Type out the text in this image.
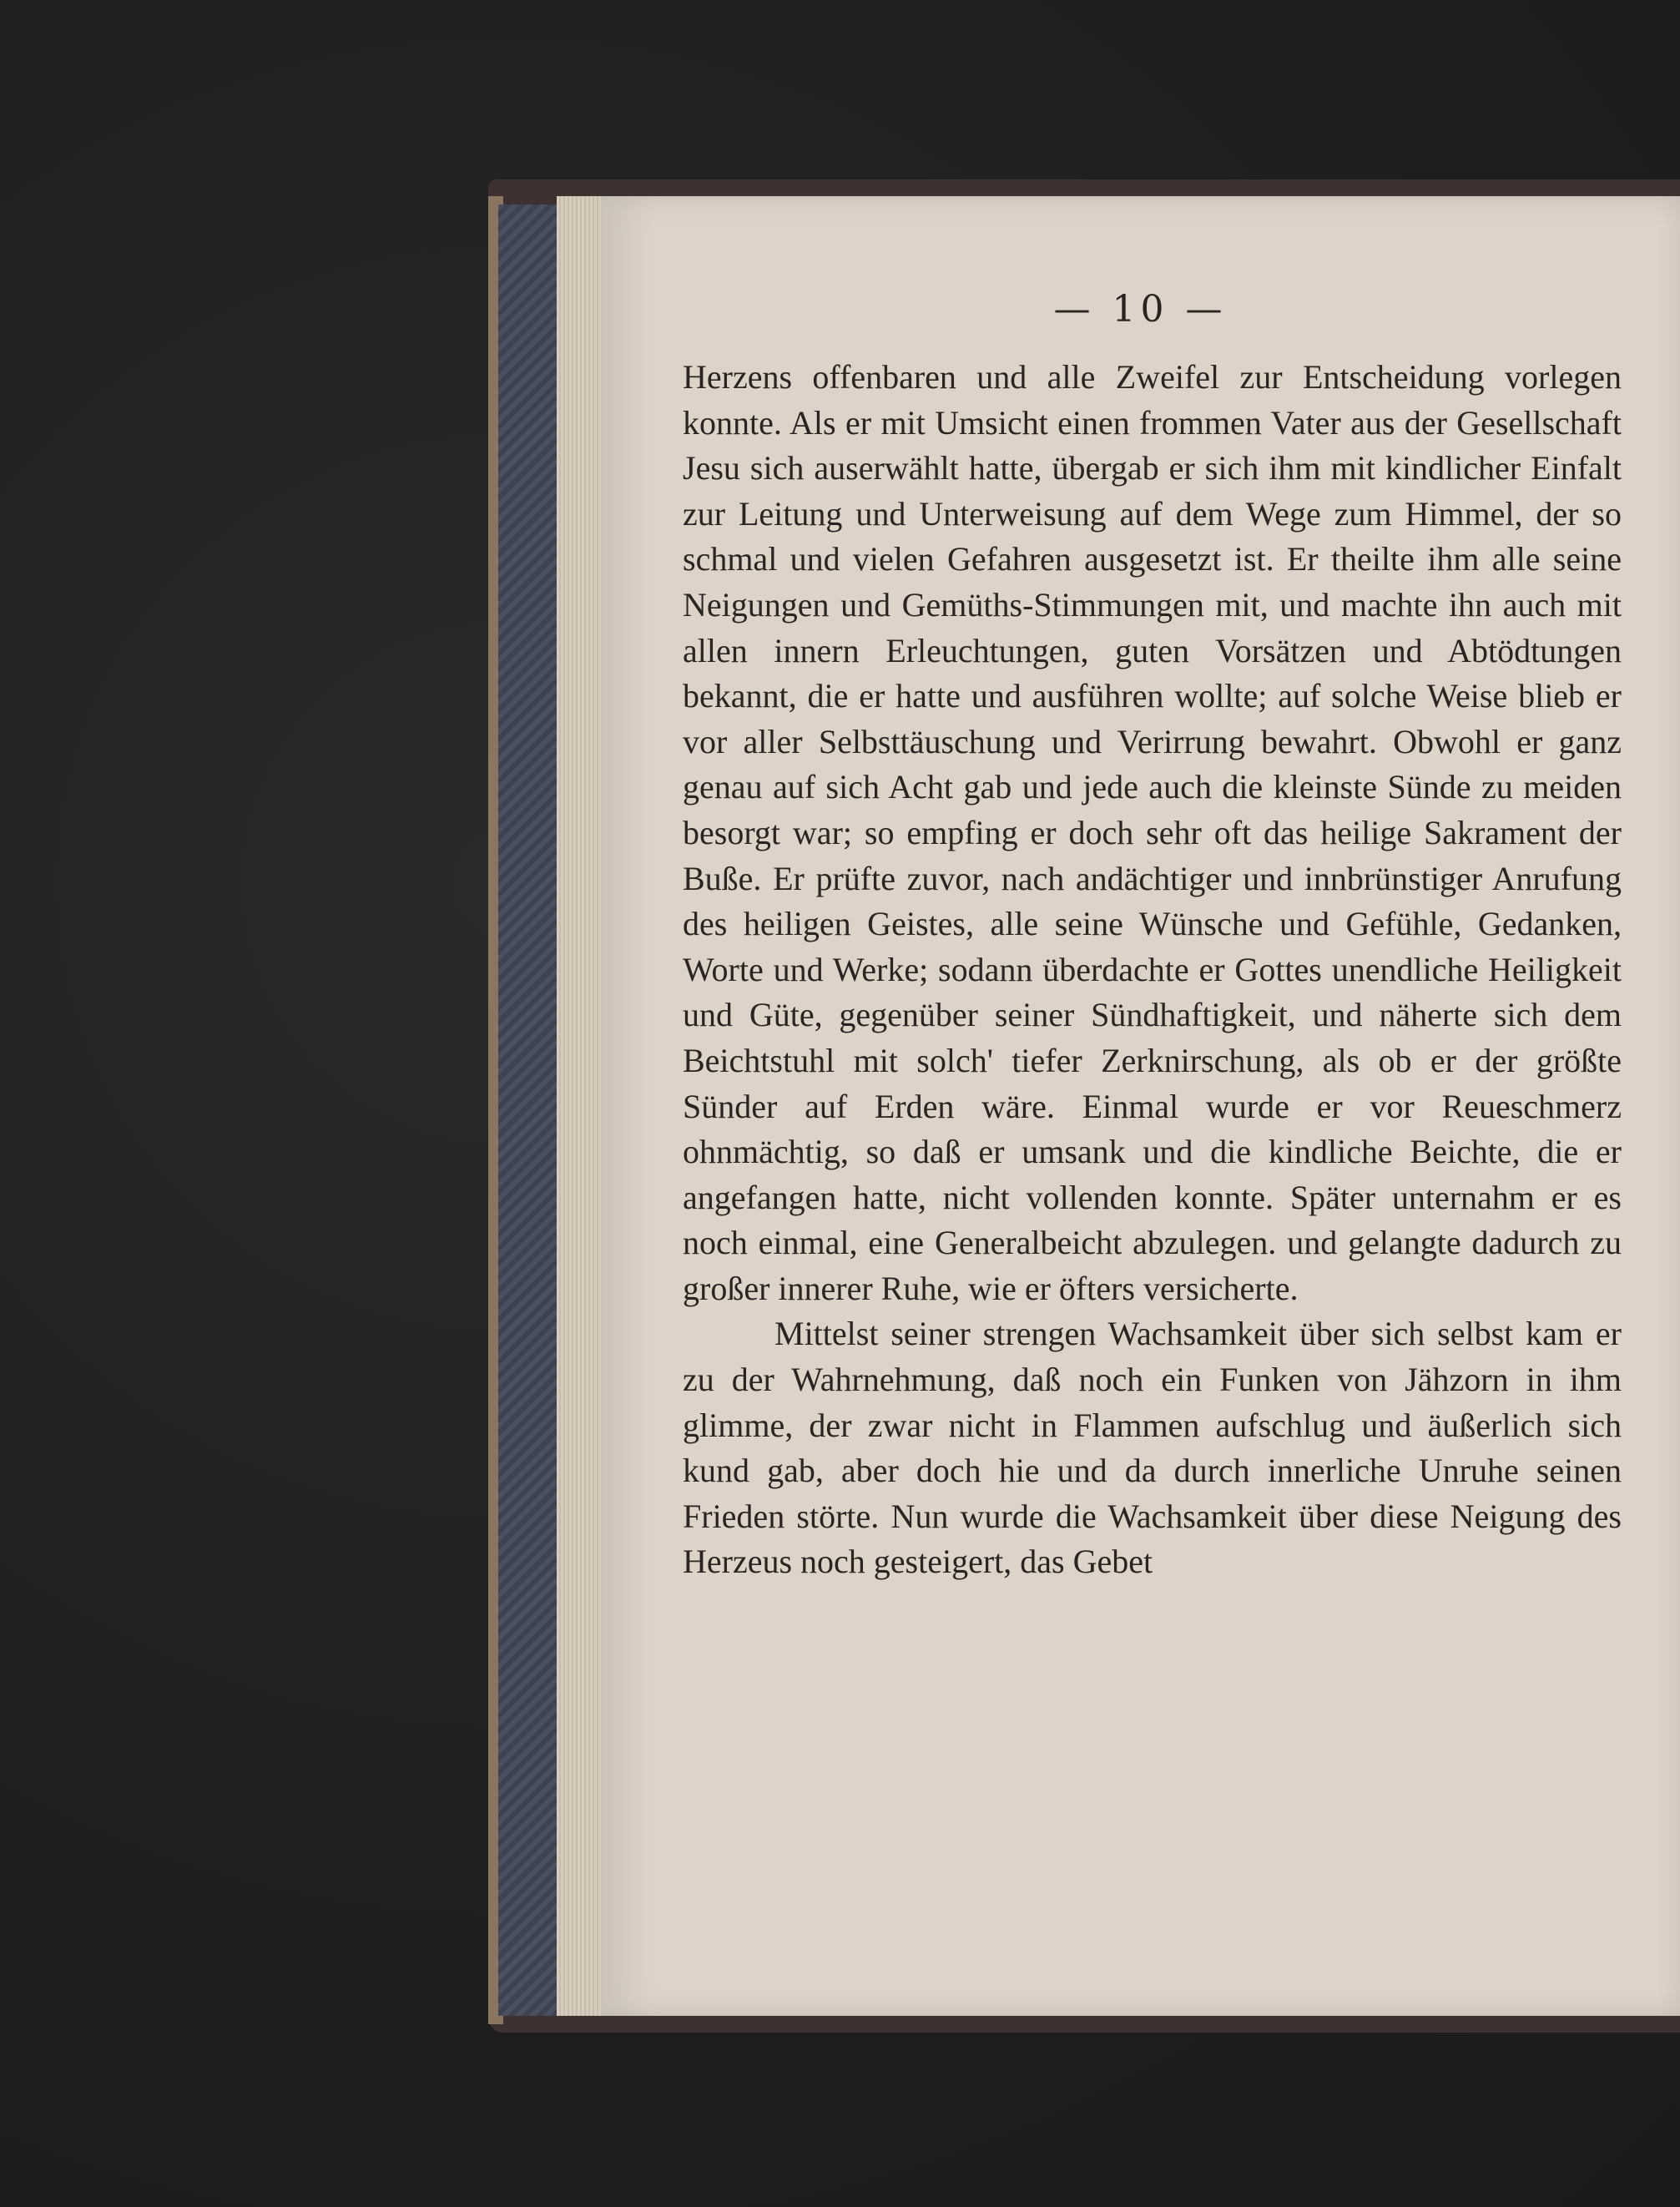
— 10 —

Herzens offenbaren und alle Zweifel zur Entscheidung vorlegen konnte. Als er mit Umsicht einen frommen Vater aus der Gesellschaft Jesu sich auserwählt hatte, übergab er sich ihm mit kindlicher Einfalt zur Leitung und Unterweisung auf dem Wege zum Himmel, der so schmal und vielen Gefahren ausgesetzt ist. Er theilte ihm alle seine Neigungen und Gemüths-Stimmungen mit, und machte ihn auch mit allen innern Erleuchtungen, guten Vorsätzen und Abtödtungen bekannt, die er hatte und ausführen wollte; auf solche Weise blieb er vor aller Selbsttäuschung und Verirrung bewahrt. Obwohl er ganz genau auf sich Acht gab und jede auch die kleinste Sünde zu meiden besorgt war; so empfing er doch sehr oft das heilige Sakrament der Buße. Er prüfte zuvor, nach andächtiger und innbrünstiger Anrufung des heiligen Geistes, alle seine Wünsche und Gefühle, Gedanken, Worte und Werke; sodann überdachte er Gottes unendliche Heiligkeit und Güte, gegenüber seiner Sündhaftigkeit, und näherte sich dem Beichtstuhl mit solch' tiefer Zerknirschung, als ob er der größte Sünder auf Erden wäre. Einmal wurde er vor Reueschmerz ohnmächtig, so daß er umsank und die kindliche Beichte, die er angefangen hatte, nicht vollenden konnte. Später unternahm er es noch einmal, eine Generalbeicht abzulegen. und gelangte dadurch zu großer innerer Ruhe, wie er öfters versicherte.

Mittelst seiner strengen Wachsamkeit über sich selbst kam er zu der Wahrnehmung, daß noch ein Funken von Jähzorn in ihm glimme, der zwar nicht in Flammen aufschlug und äußerlich sich kund gab, aber doch hie und da durch innerliche Unruhe seinen Frieden störte. Nun wurde die Wachsamkeit über diese Neigung des Herzeus noch gesteigert, das Gebet
